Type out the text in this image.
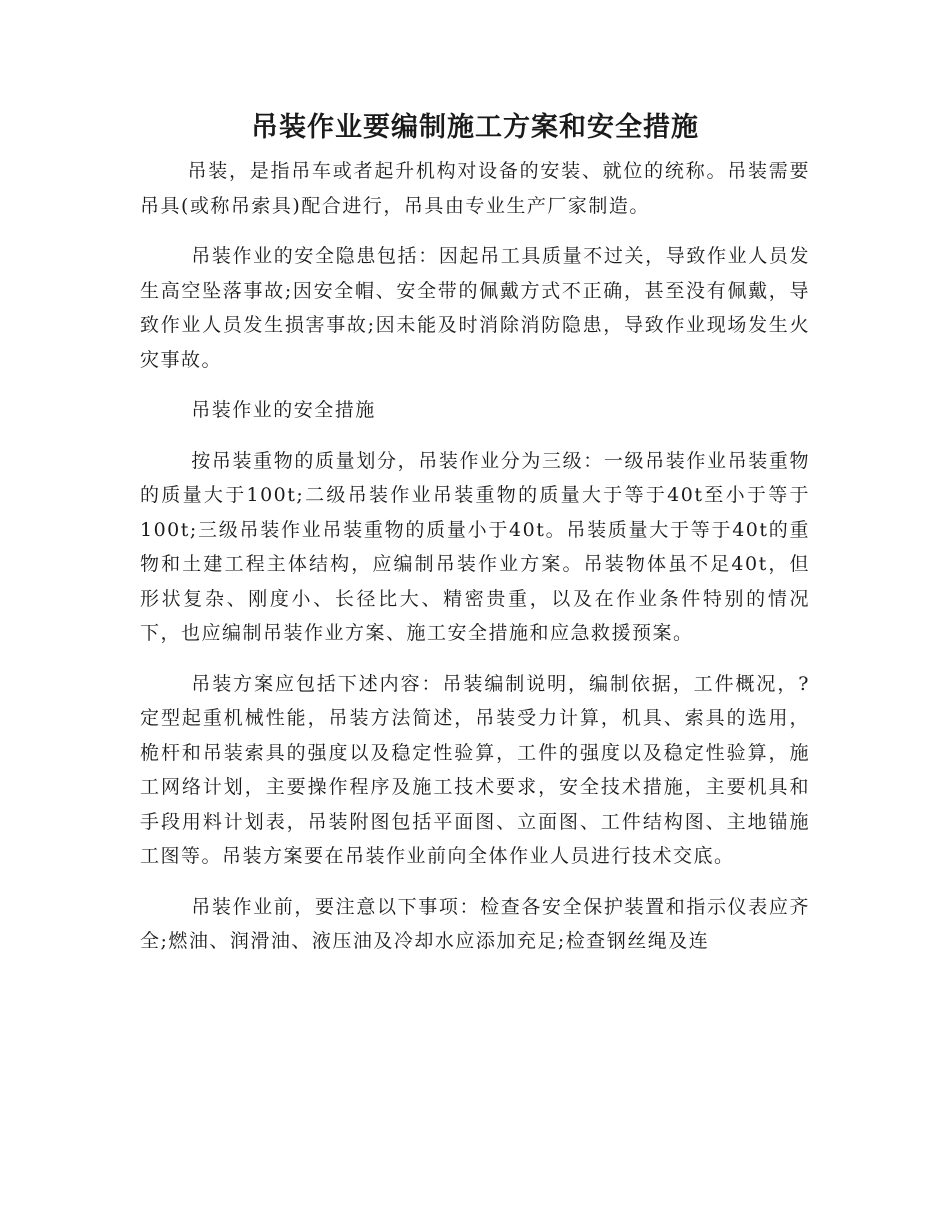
吊装作业要编制施工方案和安全措施

吊装，是指吊车或者起升机构对设备的安装、就位的统称。吊装需要吊具(或称吊索具)配合进行，吊具由专业生产厂家制造。

吊装作业的安全隐患包括：因起吊工具质量不过关，导致作业人员发生高空坠落事故;因安全帽、安全带的佩戴方式不正确，甚至没有佩戴，导致作业人员发生损害事故;因未能及时消除消防隐患，导致作业现场发生火灾事故。

吊装作业的安全措施

按吊装重物的质量划分，吊装作业分为三级：一级吊装作业吊装重物的质量大于100t;二级吊装作业吊装重物的质量大于等于40t至小于等于100t;三级吊装作业吊装重物的质量小于40t。吊装质量大于等于40t的重物和土建工程主体结构，应编制吊装作业方案。吊装物体虽不足40t，但形状复杂、刚度小、长径比大、精密贵重，以及在作业条件特别的情况下，也应编制吊装作业方案、施工安全措施和应急救援预案。

吊装方案应包括下述内容：吊装编制说明，编制依据，工件概况，?定型起重机械性能，吊装方法简述，吊装受力计算，机具、索具的选用，桅杆和吊装索具的强度以及稳定性验算，工件的强度以及稳定性验算，施工网络计划，主要操作程序及施工技术要求，安全技术措施，主要机具和手段用料计划表，吊装附图包括平面图、立面图、工件结构图、主地锚施工图等。吊装方案要在吊装作业前向全体作业人员进行技术交底。

吊装作业前，要注意以下事项：检查各安全保护装置和指示仪表应齐全;燃油、润滑油、液压油及冷却水应添加充足;检查钢丝绳及连
